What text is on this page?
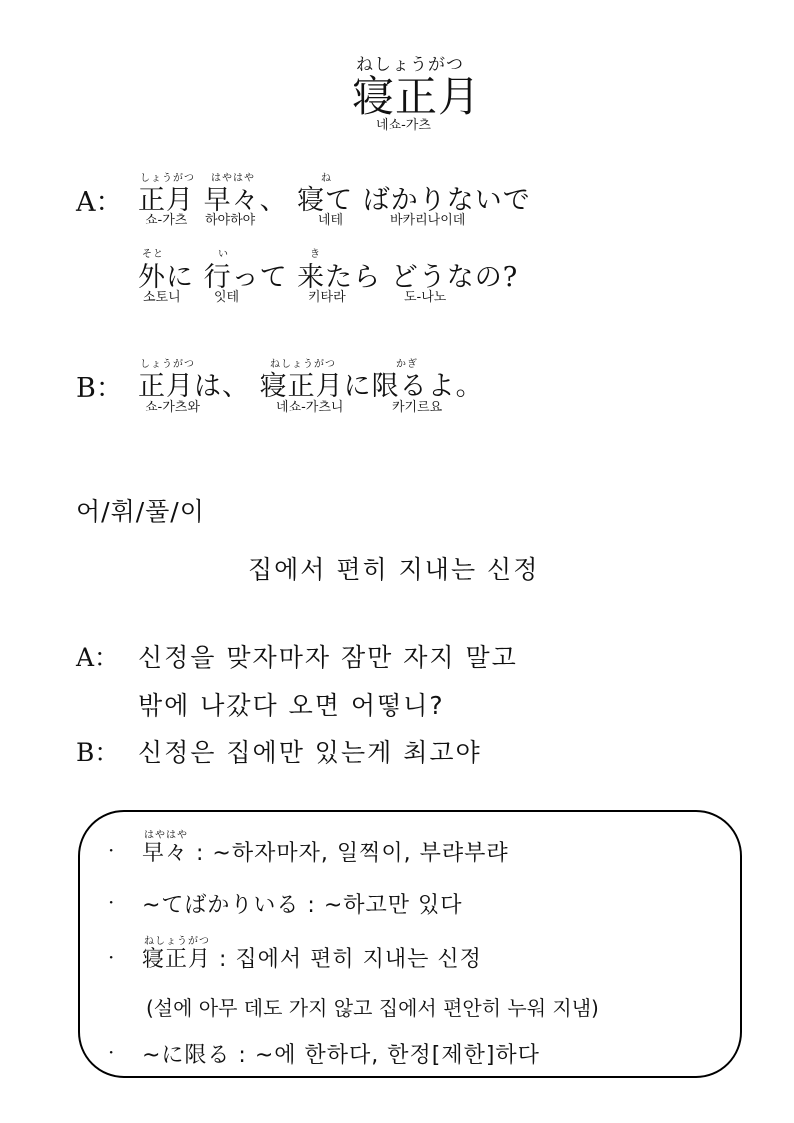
ねしょうがつ
寝正月
네쇼-가츠
A：
しょうがつ はやはや	ね
正月 早々、 寝て ばかりないで
쇼-가츠 하야하야	네테	바카리나이데
そと	い	き
外に 行って 来たら どうなの?
소토니	잇테	키타라	도-나노
B：
しょうがつ	ねしょうがつ	かぎ
正月は、 寝正月に限るよ。
쇼-가츠와	네쇼-가츠니	카기르요
어/휘/풀/이
집에서 편히 지내는 신정
A： 신정을 맞자마자 잠만 자지 말고
밖에 나갔다 오면 어떻니?
B： 신정은 집에만 있는게 최고야
·
はやはや
早々 : ~하자마자, 일찍이, 부랴부랴
· ~てばかりいる : ~하고만 있다
·
ねしょうがつ
寝正月 : 집에서 편히 지내는 신정
(설에 아무 데도 가지 않고 집에서 편안히 누워 지냄)
· ~に限る : ~에 한하다, 한정[제한]하다
